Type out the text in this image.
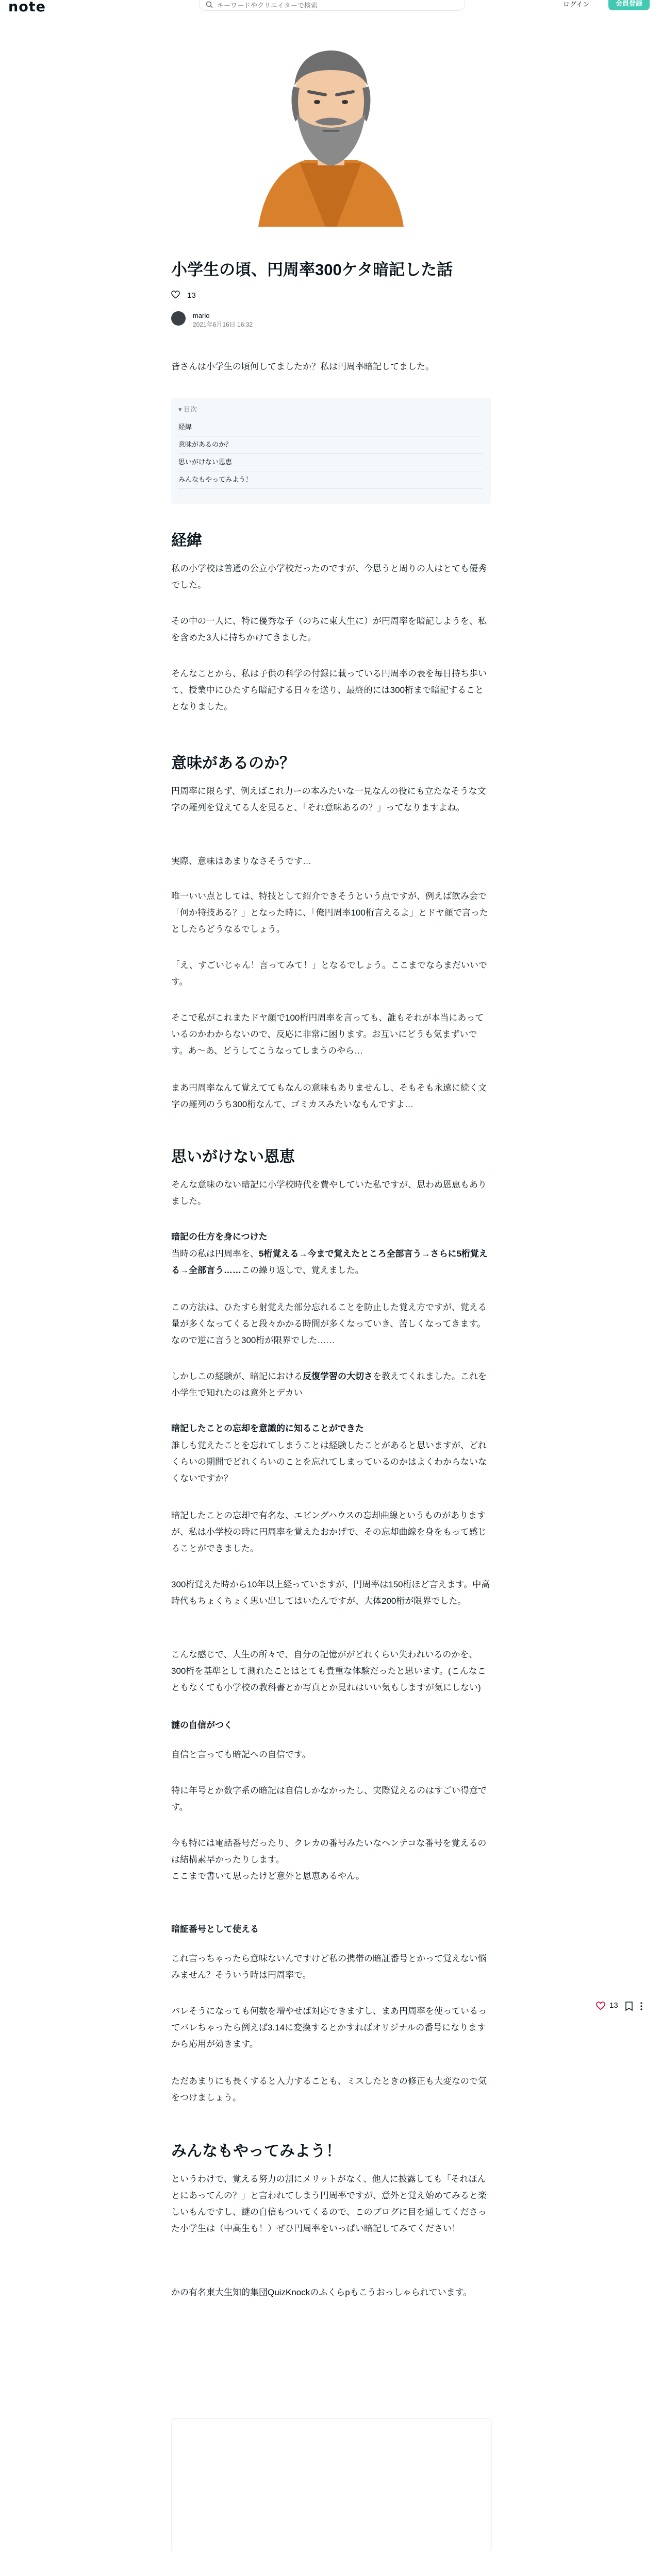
note
キーワードやクリエイターで検索	ログイン	会員登録
小学生の頃、円周率300ケタ暗記した話
13
mario
2021年6月16日 16:32

皆さんは小学生の頃何してましたか？私は円周率暗記してました。

▾ 目次
経緯
意味があるのか？
思いがけない恩恵
みんなもやってみよう！
経緯

私の小学校は普通の公立小学校だったのですが、今思うと周りの人はとても優秀でした。

その中の一人に、特に優秀な子（のちに東大生に）が円周率を暗記しようを、私を含めた3人に持ちかけてきました。

そんなことから、私は子供の科学の付録に載っている円周率の表を毎日持ち歩いて、授業中にひたすら暗記する日々を送り、最終的には300桁まで暗記することとなりました。

意味があるのか？

円周率に限らず、例えばこれ力ーの本みたいな一見なんの役にも立たなそうな文字の羅列を覚えてる人を見ると、「それ意味あるの？」ってなりますよね。

実際、意味はあまりなさそうです…

唯一いい点としては、特技として紹介できそうという点ですが、例えば飲み会で「何か特技ある？」となった時に、「俺円周率100桁言えるよ」とドヤ顔で言ったとしたらどうなるでしょう。

「え、すごいじゃん！言ってみて！」となるでしょう。ここまでならまだいいです。

そこで私がこれまたドヤ顔で100桁円周率を言っても、誰もそれが本当にあっているのかわからないので、反応に非常に困ります。お互いにどうも気まずいです。あ～あ、どうしてこうなってしまうのやら…

まあ円周率なんて覚えててもなんの意味もありませんし、そもそも永遠に続く文字の羅列のうち300桁なんて、ゴミカスみたいなもんですよ…

思いがけない恩恵

そんな意味のない暗記に小学校時代を費やしていた私ですが、思わぬ恩恵もありました。

暗記の仕方を身につけた

当時の私は円周率を、5桁覚える→今まで覚えたところ全部言う→さらに5桁覚える→全部言う……この繰り返しで、覚えました。

この方法は、ひたすら射覚えた部分忘れることを防止した覚え方ですが、覚える量が多くなってくると段々かかる時間が多くなっていき、苦しくなってきます。なので逆に言うと300桁が限界でした……

しかしこの経験が、暗記における反復学習の大切さを教えてくれました。これを小学生で知れたのは意外とデカい

暗記したことの忘却を意識的に知ることができた

誰しも覚えたことを忘れてしまうことは経験したことがあると思いますが、どれくらいの期間でどれくらいのことを忘れてしまっているのかはよくわからないなくないですか？

暗記したことの忘却で有名な、エビングハウスの忘却曲線というものがありますが、私は小学校の時に円周率を覚えたおかげで、その忘却曲線を身をもって感じることができました。

300桁覚えた時から10年以上経っていますが、円周率は150桁ほど言えます。中高時代もちょくちょく思い出してはいたんですが、大体200桁が限界でした。

こんな感じで、人生の所々で、自分の記憶ががどれくらい失われいるのかを、300桁を基準として測れたことはとても貴重な体験だったと思います。(こんなこともなくても小学校の教科書とか写真とか見れはいい気もしますが気にしない)

謎の自信がつく

自信と言っても暗記への自信です。

特に年号とか数字系の暗記は自信しかなかったし、実際覚えるのはすごい得意です。

今も特には電話番号だったり、クレカの番号みたいなヘンテコな番号を覚えるのは結構素早かったりします。
ここまで書いて思ったけど意外と恩恵あるやん。

暗証番号として使える

これ言っちゃったら意味ないんですけど私の携帯の暗証番号とかって覚えない悩みません？そういう時は円周率で。

バレそうになっても何数を増やせば対応できますし、まあ円周率を使っているってバレちゃったら例えば3.14に変換するとかすればオリジナルの番号になりますから応用が効きます。

ただあまりにも長くすると入力することも、ミスしたときの修正も大変なので気をつけましょう。

みんなもやってみよう！

というわけで、覚える努力の割にメリットがなく、他人に披露しても「それほんとにあってんの？」と言われてしまう円周率ですが、意外と覚え始めてみると楽しいもんですし、謎の自信もついてくるので、このブログに目を通してくださった小学生は（中高生も！）ぜひ円周率をいっぱい暗記してみてください！

かの有名東大生知的集団QuizKnockのふくらpもこうおっしゃられています。

13
